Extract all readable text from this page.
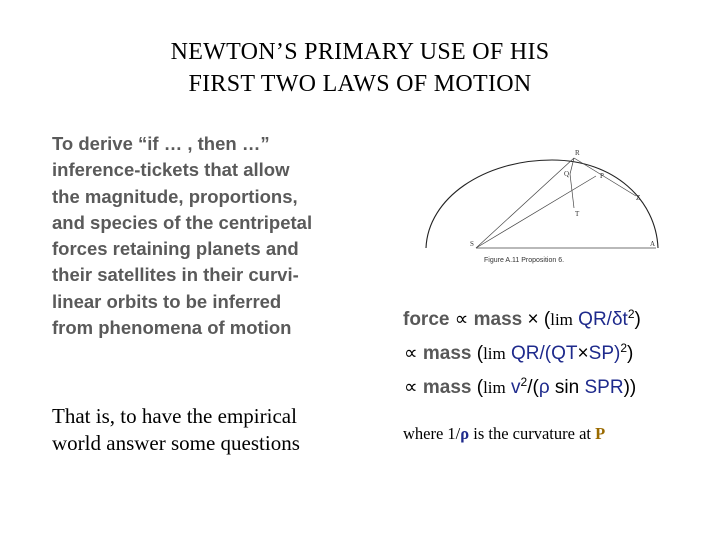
NEWTON’S PRIMARY USE OF HIS
FIRST TWO LAWS OF MOTION
To derive “if … , then …”
inference-tickets that allow
the magnitude, proportions,
and species of the centripetal
forces retaining planets and
their satellites in their curvi-
linear orbits to be inferred
from phenomena of motion
That is, to have the empirical
world answer some questions
R
Q	P
T
Z
S	A
Figure A.11 Proposition 6.
force ∝ mass × (lim $QR/\delta t^2$)
∝ mass (lim $QR/(QT\times SP)^2$)
∝ mass (lim $v^2/(\rho$ sin SPR))
where 1/ρ is the curvature at P
